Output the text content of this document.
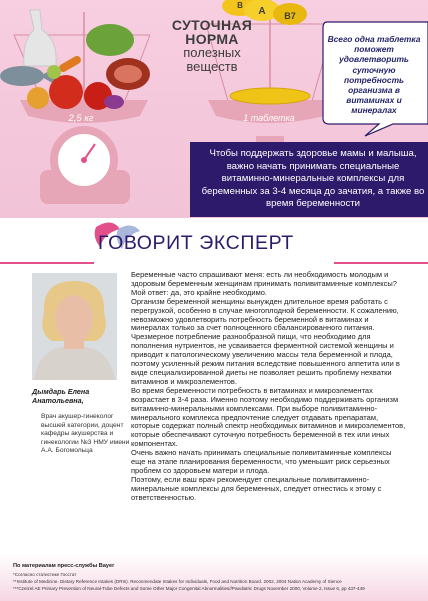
A B7
B
СУТОЧНАЯ
НОРМА
полезных
веществ
Всего одна таблетка поможет удовлетворить суточную потребность организма в витаминах и минералах
2,5 кг	1 таблетка
Чтобы поддержать здоровье мамы и малыша, важно начать принимать специальные витаминно-минеральные комплексы для беременных за 3-4 месяца до зачатия, а также во время беременности
ГОВОРИТ ЭКСПЕРТ
Дымдарь Елена Анатольевна,
Врач акушер-гинеколог высшей категории, доцент кафедры акушерства и гинекологии №3 НМУ имени А.А. Богомольца

Беременные часто спрашивают меня: есть ли необходимость молодым и здоровым беременным женщинам принимать поливитаминные комплексы? Мой ответ: да, это крайне необходимо.

Организм беременной женщины вынужден длительное время работать с перегрузкой, особенно в случае многоплодной беременности. К сожалению, невозможно удовлетворить потребность беременной в витаминах и минералах только за счет полноценного сбалансированного питания.

Чрезмерное потребление разнообразной пищи, что необходимо для пополнения нутриентов, не усваивается ферментной системой женщины и приводит к патологическому увеличению массы тела беременной и плода, поэтому усиленный режим питания вследствие повышенного аппетита или в виде специализированной диеты не позволяет решить проблему нехватки витаминов и микроэлементов.

Во время беременности потребность в витаминах и микроэлементах возрастает в 3-4 раза. Именно поэтому необходимо поддерживать организм витаминно-минеральными комплексами. При выборе поливитаминно-минерального комплекса предпочтение следует отдавать препаратам, которые содержат полный спектр необходимых витаминов и микроэлементов, которые обеспечивают суточную потребность беременной в тех или иных компонентах.

Очень важно начать принимать специальные поливитаминные комплексы еще на этапе планирования беременности, что уменьшит риск серьезных проблем со здоровьем матери и плода.

Поэтому, если ваш врач рекомендует специальные поливитаминно-минеральные комплексы для беременных, следует отнестись к этому с ответственностью.

По материалам пресс-службы Bayer
*Согласно статистике Госстат
**Institute of Medicine. Dietary Reference Intakes (DRIs). Reconmendate Intakes for Individuals, Food and Nutrition Board. 2002, 2004 Nation Academy of Sience
***Czeizel AE Primary Prevention of Neural-Tube Defects and Some Other Major Congenital Abnormalities//Paediatric Drugs November 2000, Volume 2, Issue 6, pp 437-449
